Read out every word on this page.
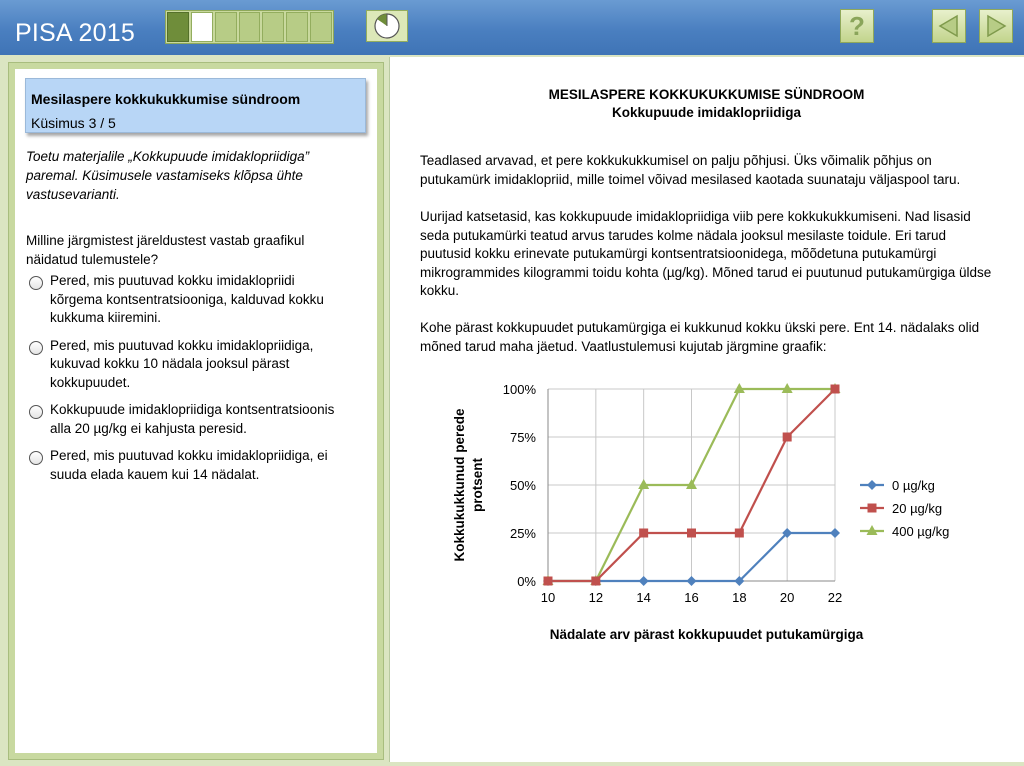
PISA 2015	?
Mesilaspere kokkukukkumise sündroom
Küsimus 3 / 5
Toetu materjalile „Kokkupuude imidaklopriidiga” paremal. Küsimusele vastamiseks klõpsa ühte vastusevarianti.
Milline järgmistest järeldustest vastab graafikul näidatud tulemustele?
Pered, mis puutuvad kokku imidaklopriidi kõrgema kontsentratsiooniga, kalduvad kokku kukkuma kiiremini.
Pered, mis puutuvad kokku imidaklopriidiga, kukuvad kokku 10 nädala jooksul pärast kokkupuudet.
Kokkupuude imidaklopriidiga kontsentratsioonis alla 20 µg/kg ei kahjusta peresid.
Pered, mis puutuvad kokku imidaklopriidiga, ei suuda elada kauem kui 14 nädalat.
MESILASPERE KOKKUKUKKUMISE SÜNDROOM
Kokkupuude imidaklopriidiga
Teadlased arvavad, et pere kokkukukkumisel on palju põhjusi. Üks võimalik põhjus on putukamürk imidaklopriid, mille toimel võivad mesilased kaotada suunataju väljaspool taru.
Uurijad katsetasid, kas kokkupuude imidaklopriidiga viib pere kokkukukkumiseni. Nad lisasid seda putukamürki teatud arvus tarudes kolme nädala jooksul mesilaste toidule. Eri tarud puutusid kokku erinevate putukamürgi kontsentratsioonidega, mõõdetuna putukamürgi mikrogrammides kilogrammi toidu kohta (µg/kg). Mõned tarud ei puutunud putukamürgiga üldse kokku.
Kohe pärast kokkupuudet putukamürgiga ei kukkunud kokku ükski pere. Ent 14. nädalaks olid mõned tarud maha jäetud. Vaatlustulemusi kujutab järgmine graafik:
10	12	14	16	18	20	22
0%
25%
50%
75%
100%
Nädalate arv pärast kokkupuudet putukamürgiga
Kokkukukkunud perede protsent	0 µg/kg
20 µg/kg
400 µg/kg
